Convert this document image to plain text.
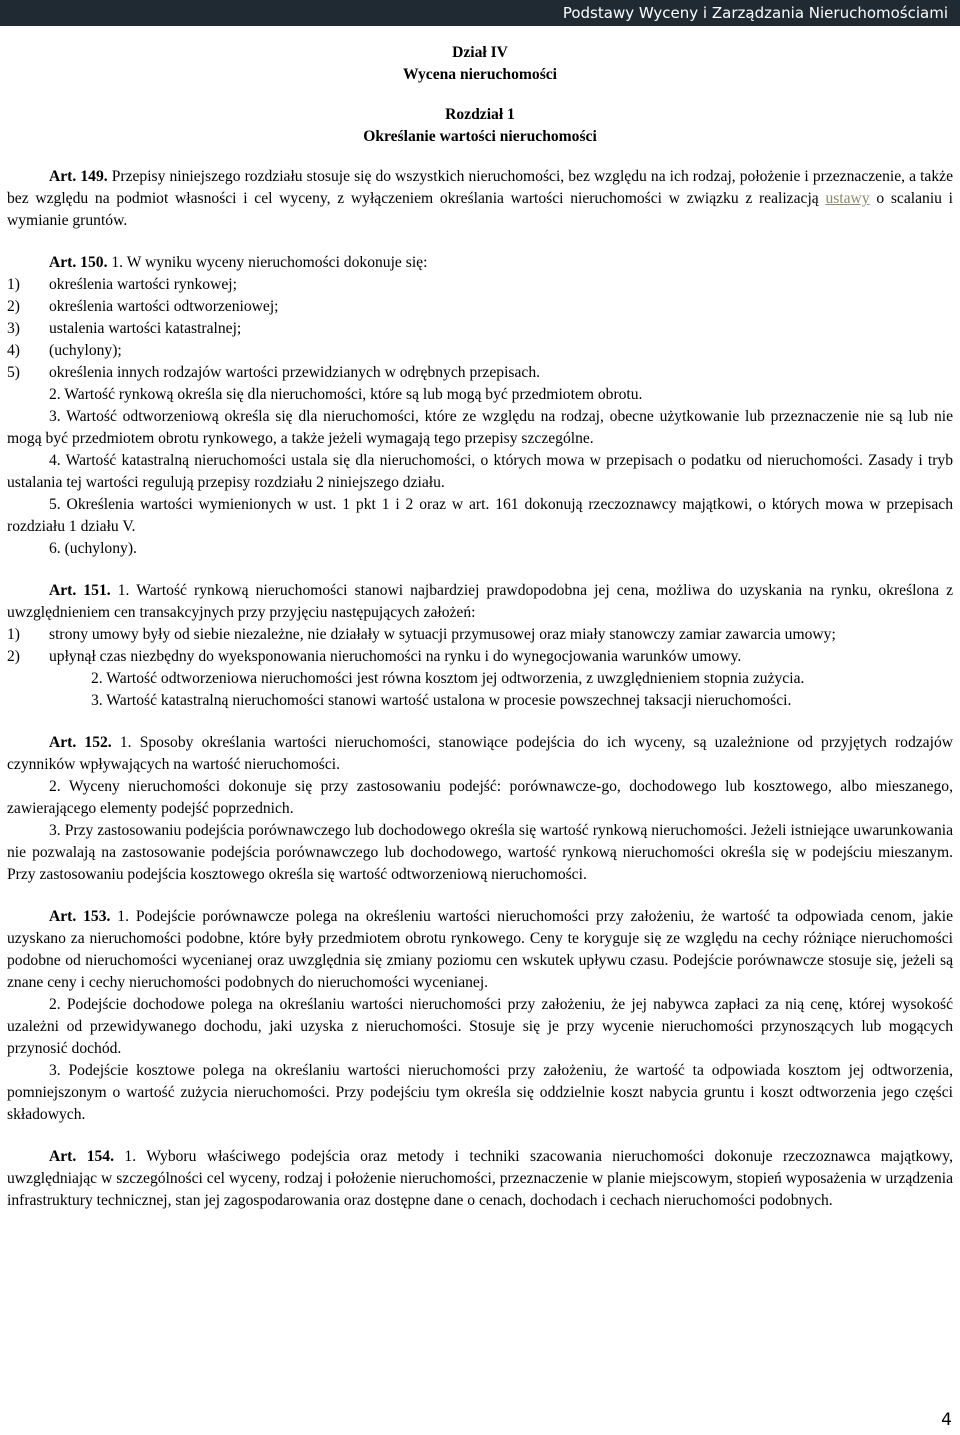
Podstawy Wyceny i Zarządzania Nieruchomościami
Dział IV
Wycena nieruchomości
Rozdział 1
Określanie wartości nieruchomości
Art. 149. Przepisy niniejszego rozdziału stosuje się do wszystkich nieruchomości, bez względu na ich rodzaj, położenie i przeznaczenie, a także bez względu na podmiot własności i cel wyceny, z wyłączeniem określania wartości nieruchomości w związku z realizacją ustawy o scalaniu i wymianie gruntów.
Art. 150. 1. W wyniku wyceny nieruchomości dokonuje się:
1)	określenia wartości rynkowej;
2)	określenia wartości odtworzeniowej;
3)	ustalenia wartości katastralnej;
4)	(uchylony);
5)	określenia innych rodzajów wartości przewidzianych w odrębnych przepisach.
2. Wartość rynkową określa się dla nieruchomości, które są lub mogą być przedmiotem obrotu.
3. Wartość odtworzeniową określa się dla nieruchomości, które ze względu na rodzaj, obecne użytkowanie lub przeznaczenie nie są lub nie mogą być przedmiotem obrotu rynkowego, a także jeżeli wymagają tego przepisy szczególne.
4. Wartość katastralną nieruchomości ustala się dla nieruchomości, o których mowa w przepisach o podatku od nieruchomości. Zasady i tryb ustalania tej wartości regulują przepisy rozdziału 2 niniejszego działu.
5. Określenia wartości wymienionych w ust. 1 pkt 1 i 2 oraz w art. 161 dokonują rzeczoznawcy majątkowi, o których mowa w przepisach rozdziału 1 działu V.
6. (uchylony).
Art. 151. 1. Wartość rynkową nieruchomości stanowi najbardziej prawdopodobna jej cena, możliwa do uzyskania na rynku, określona z uwzględnieniem cen transakcyjnych przy przyjęciu następujących założeń:
1)	strony umowy były od siebie niezależne, nie działały w sytuacji przymusowej oraz miały stanowczy zamiar zawarcia umowy;
2)	upłynął czas niezbędny do wyeksponowania nieruchomości na rynku i do wynegocjowania warunków umowy.
2. Wartość odtworzeniowa nieruchomości jest równa kosztom jej odtworzenia, z uwzględnieniem stopnia zużycia.
3. Wartość katastralną nieruchomości stanowi wartość ustalona w procesie powszechnej taksacji nieruchomości.
Art. 152. 1. Sposoby określania wartości nieruchomości, stanowiące podejścia do ich wyceny, są uzależnione od przyjętych rodzajów czynników wpływających na wartość nieruchomości.
2. Wyceny nieruchomości dokonuje się przy zastosowaniu podejść: porównawcze-go, dochodowego lub kosztowego, albo mieszanego, zawierającego elementy podejść poprzednich.
3. Przy zastosowaniu podejścia porównawczego lub dochodowego określa się wartość rynkową nieruchomości. Jeżeli istniejące uwarunkowania nie pozwalają na zastosowanie podejścia porównawczego lub dochodowego, wartość rynkową nieruchomości określa się w podejściu mieszanym. Przy zastosowaniu podejścia kosztowego określa się wartość odtworzeniową nieruchomości.
Art. 153. 1. Podejście porównawcze polega na określeniu wartości nieruchomości przy założeniu, że wartość ta odpowiada cenom, jakie uzyskano za nieruchomości podobne, które były przedmiotem obrotu rynkowego. Ceny te koryguje się ze względu na cechy różniące nieruchomości podobne od nieruchomości wycenianej oraz uwzględnia się zmiany poziomu cen wskutek upływu czasu. Podejście porównawcze stosuje się, jeżeli są znane ceny i cechy nieruchomości podobnych do nieruchomości wycenianej.
2. Podejście dochodowe polega na określaniu wartości nieruchomości przy założeniu, że jej nabywca zapłaci za nią cenę, której wysokość uzależni od przewidywanego dochodu, jaki uzyska z nieruchomości. Stosuje się je przy wycenie nieruchomości przynoszących lub mogących przynosić dochód.
3. Podejście kosztowe polega na określaniu wartości nieruchomości przy założeniu, że wartość ta odpowiada kosztom jej odtworzenia, pomniejszonym o wartość zużycia nieruchomości. Przy podejściu tym określa się oddzielnie koszt nabycia gruntu i koszt odtworzenia jego części składowych.
Art. 154. 1. Wyboru właściwego podejścia oraz metody i techniki szacowania nieruchomości dokonuje rzeczoznawca majątkowy, uwzględniając w szczególności cel wyceny, rodzaj i położenie nieruchomości, przeznaczenie w planie miejscowym, stopień wyposażenia w urządzenia infrastruktury technicznej, stan jej zagospodarowania oraz dostępne dane o cenach, dochodach i cechach nieruchomości podobnych.
4
